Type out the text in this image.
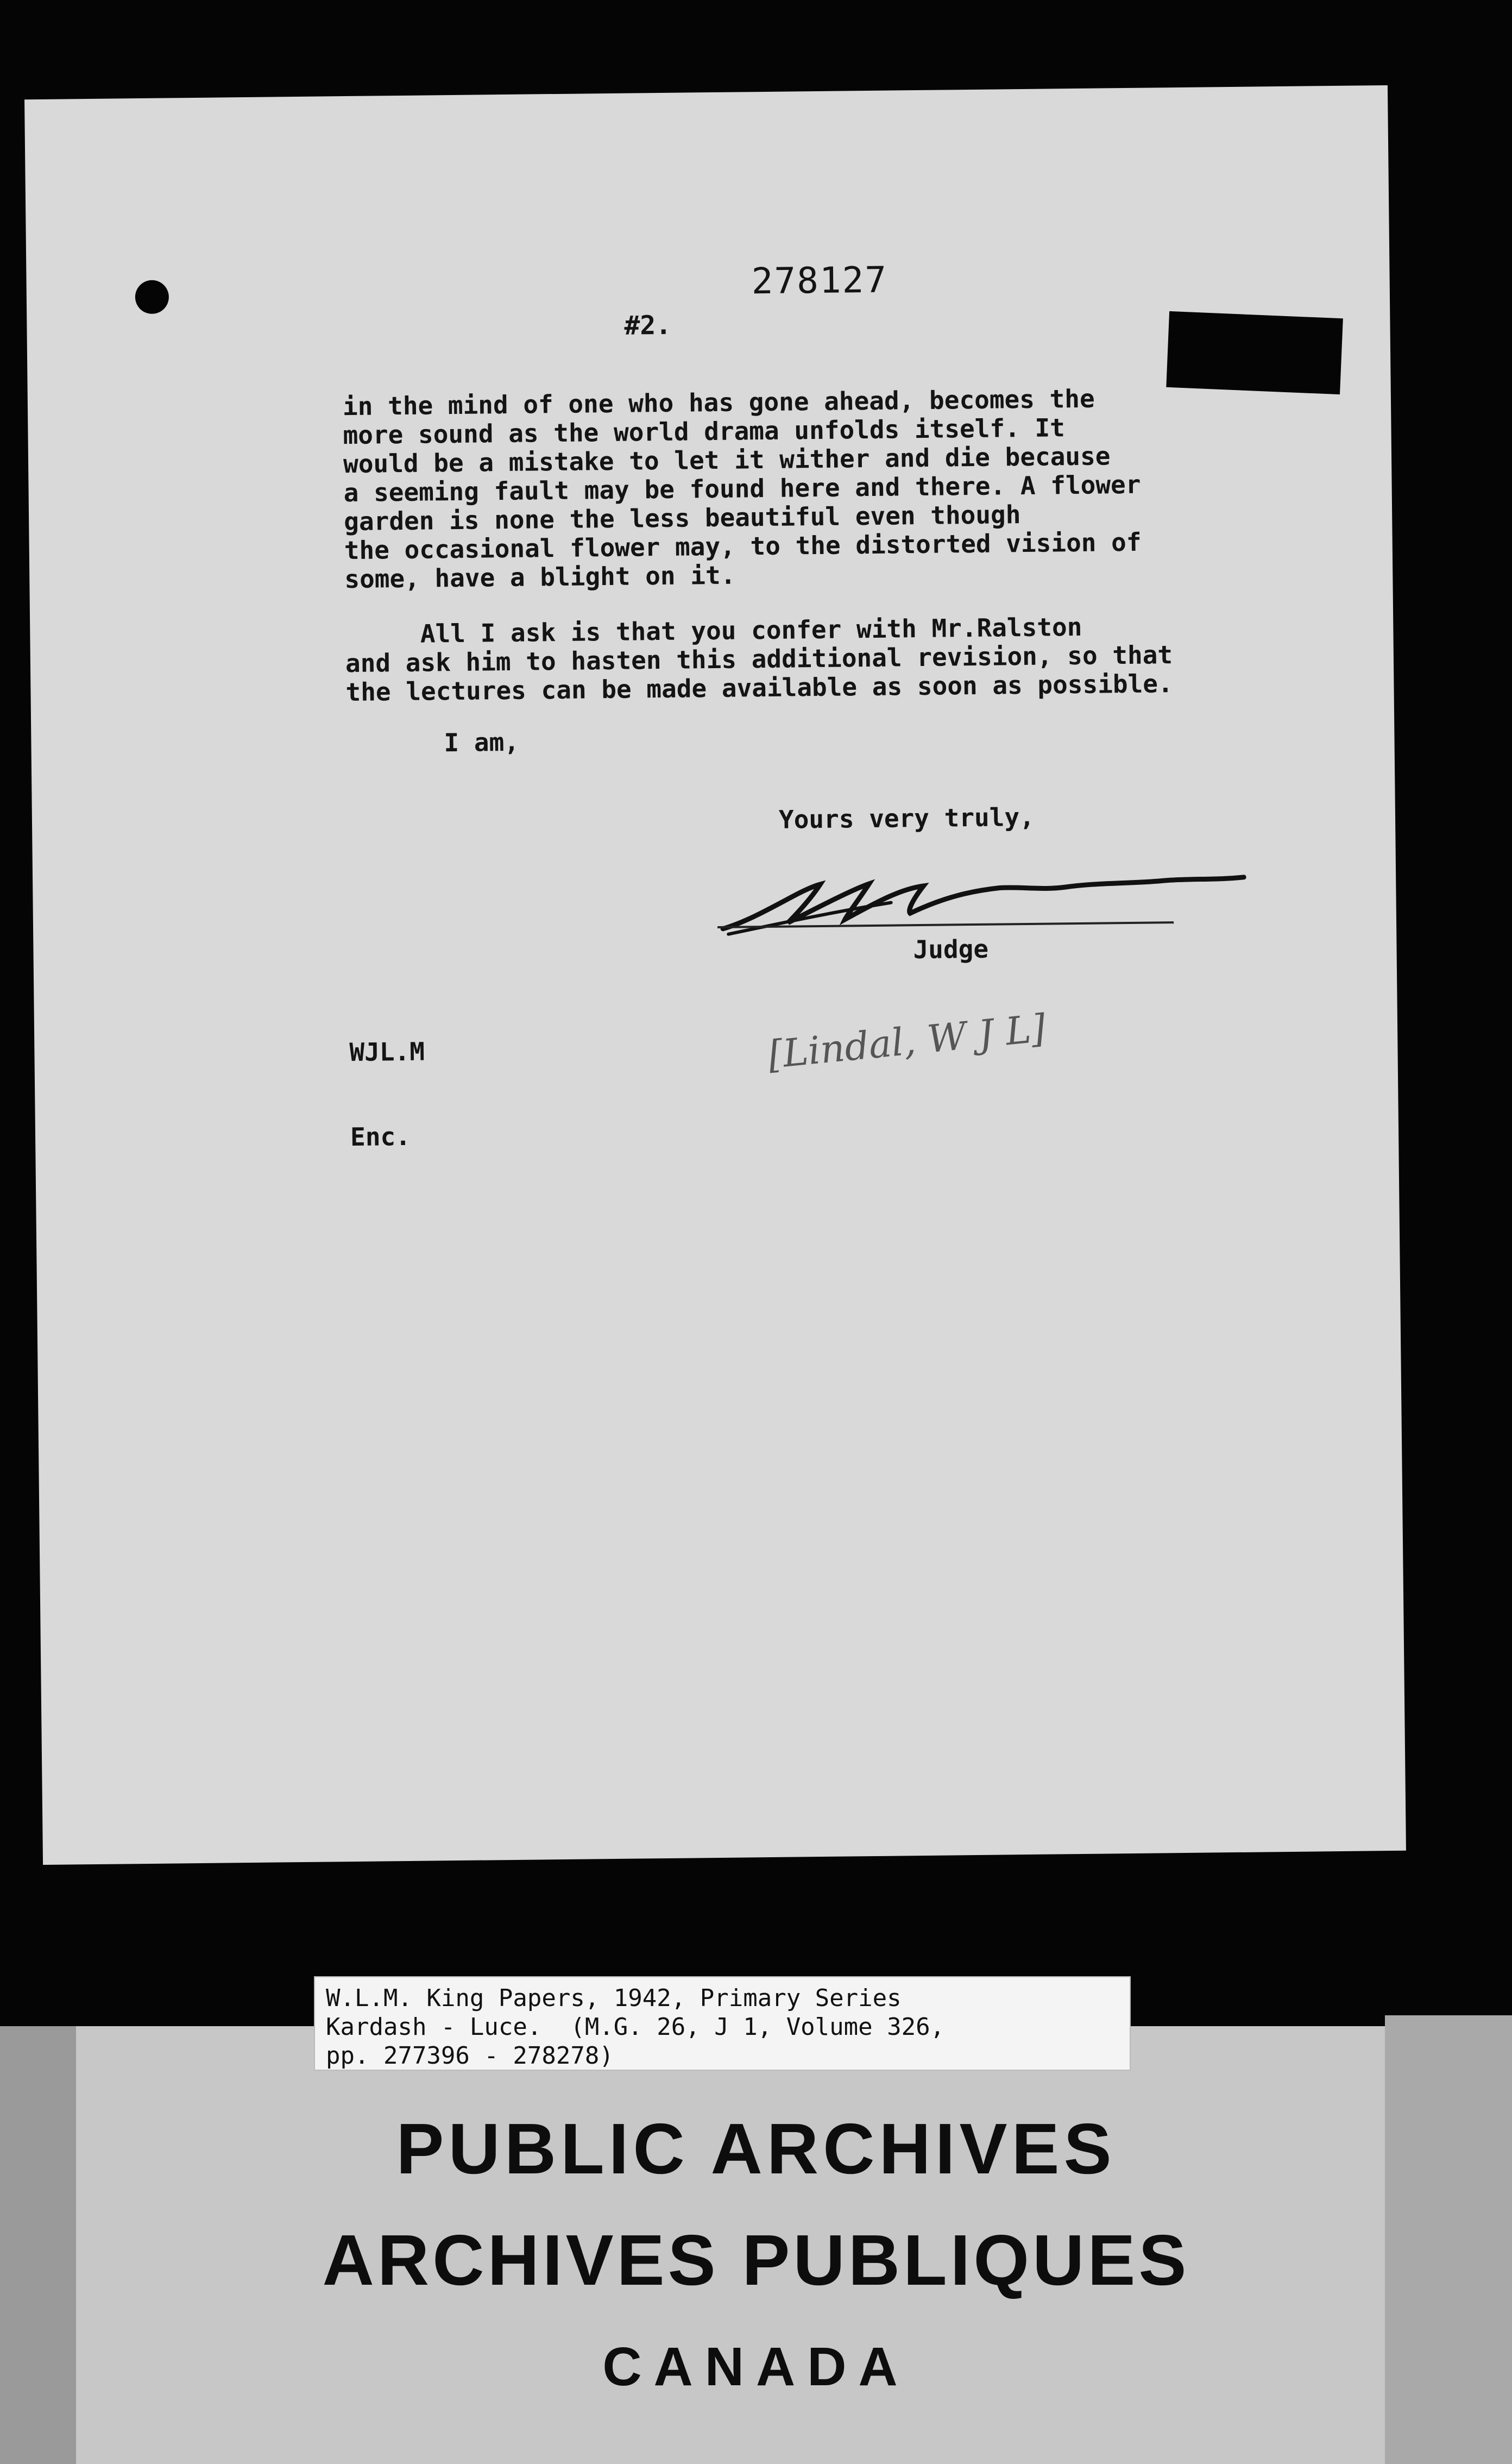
278127
#2.
in the mind of one who has gone ahead, becomes the
more sound as the world drama unfolds itself. It
would be a mistake to let it wither and die because
a seeming fault may be found here and there. A flower
garden is none the less beautiful even though
the occasional flower may, to the distorted vision of
some, have a blight on it.
All I ask is that you confer with Mr.Ralston
and ask him to hasten this additional revision, so that
the lectures can be made available as soon as possible.
I am,
Yours very truly,
Judge

WJL.M

Enc.

[Lindal, W J L]
W.L.M. King Papers, 1942, Primary Series
Kardash - Luce.  (M.G. 26, J 1, Volume 326,
pp. 277396 - 278278)
PUBLIC ARCHIVES
ARCHIVES PUBLIQUES
CANADA
